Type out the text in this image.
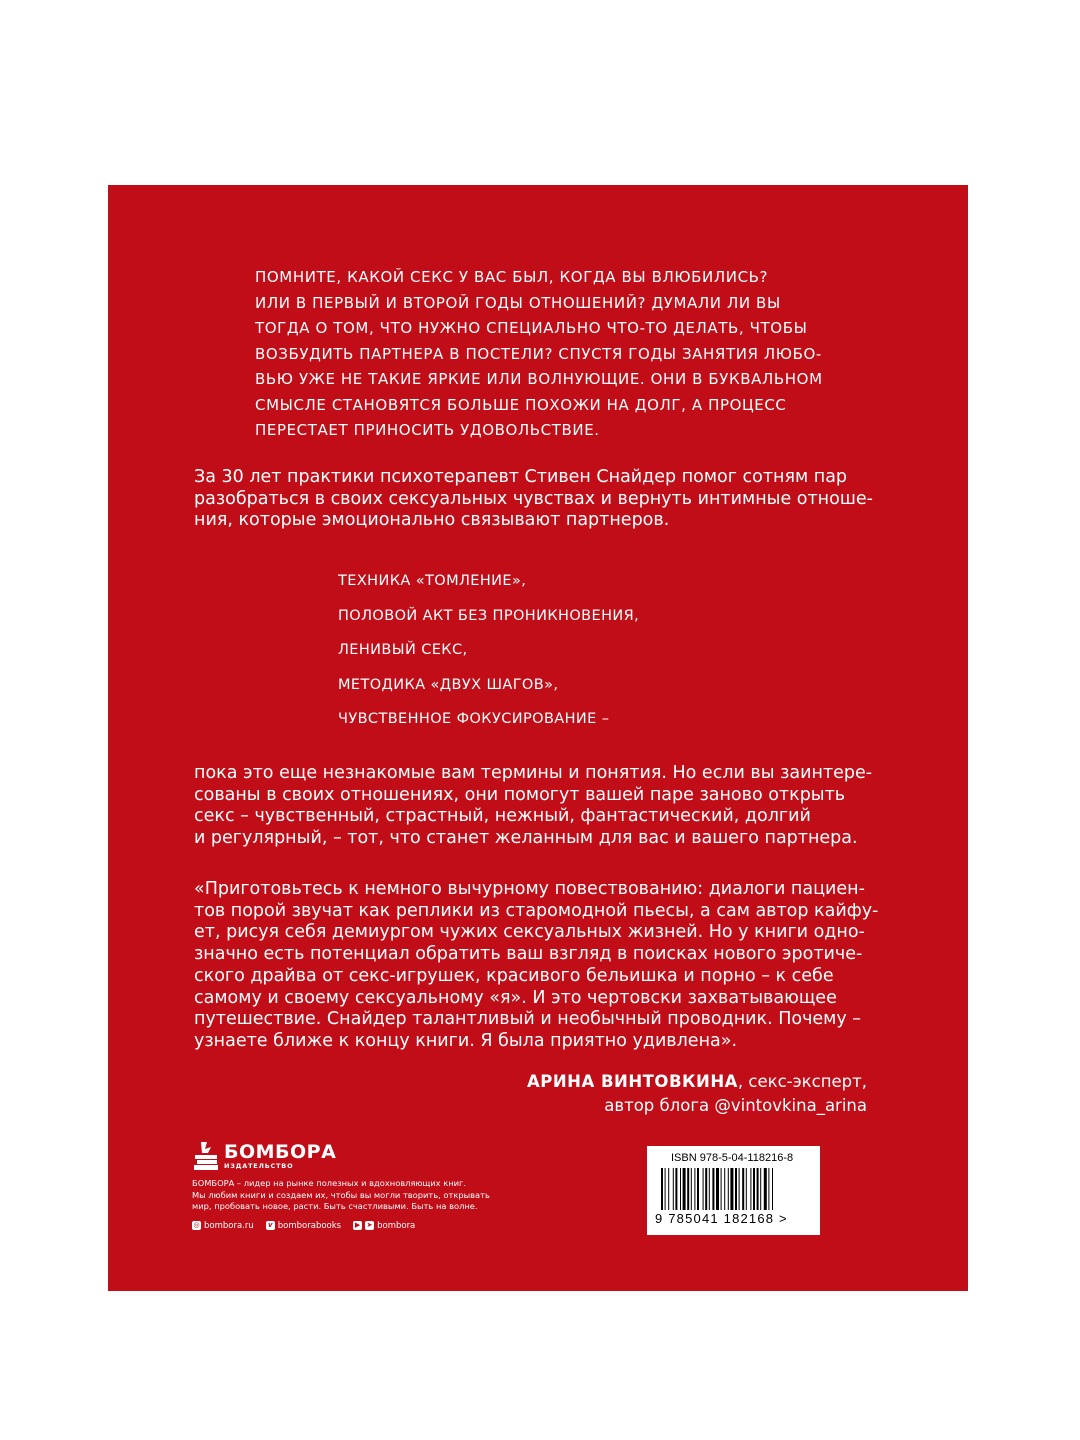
ПОМНИТЕ, КАКОЙ СЕКС У ВАС БЫЛ, КОГДА ВЫ ВЛЮБИЛИСЬ?
ИЛИ В ПЕРВЫЙ И ВТОРОЙ ГОДЫ ОТНОШЕНИЙ? ДУМАЛИ ЛИ ВЫ
ТОГДА О ТОМ, ЧТО НУЖНО СПЕЦИАЛЬНО ЧТО-ТО ДЕЛАТЬ, ЧТОБЫ
ВОЗБУДИТЬ ПАРТНЕРА В ПОСТЕЛИ? СПУСТЯ ГОДЫ ЗАНЯТИЯ ЛЮБО-
ВЬЮ УЖЕ НЕ ТАКИЕ ЯРКИЕ ИЛИ ВОЛНУЮЩИЕ. ОНИ В БУКВАЛЬНОМ
СМЫСЛЕ СТАНОВЯТСЯ БОЛЬШЕ ПОХОЖИ НА ДОЛГ, А ПРОЦЕСС
ПЕРЕСТАЕТ ПРИНОСИТЬ УДОВОЛЬСТВИЕ.
За 30 лет практики психотерапевт Стивен Снайдер помог сотням пар
разобраться в своих сексуальных чувствах и вернуть интимные отноше-
ния, которые эмоционально связывают партнеров.
ТЕХНИКА «ТОМЛЕНИЕ»,
ПОЛОВОЙ АКТ БЕЗ ПРОНИКНОВЕНИЯ,
ЛЕНИВЫЙ СЕКС,
МЕТОДИКА «ДВУХ ШАГОВ»,
ЧУВСТВЕННОЕ ФОКУСИРОВАНИЕ –
пока это еще незнакомые вам термины и понятия. Но если вы заинтере-
сованы в своих отношениях, они помогут вашей паре заново открыть
секс – чувственный, страстный, нежный, фантастический, долгий
и регулярный, – тот, что станет желанным для вас и вашего партнера.
«Приготовьтесь к немного вычурному повествованию: диалоги пациен-
тов порой звучат как реплики из старомодной пьесы, а сам автор кайфу-
ет, рисуя себя демиургом чужих сексуальных жизней. Но у книги одно-
значно есть потенциал обратить ваш взгляд в поисках нового эротиче-
ского драйва от секс-игрушек, красивого бельишка и порно – к себе
самому и своему сексуальному «я». И это чертовски захватывающее
путешествие. Снайдер талантливый и необычный проводник. Почему –
узнаете ближе к концу книги. Я была приятно удивлена».
АРИНА ВИНТОВКИНА, секс-эксперт,
автор блога @vintovkina_arina
БОМБОРА
ИЗДАТЕЛЬСТВО
БОМБОРА – лидер на рынке полезных и вдохновляющих книг.
Мы любим книги и создаем их, чтобы вы могли творить, открывать
мир, пробовать новое, расти. Быть счастливыми. Быть на волне.
◎ bombora.ru	v bomborabooks ▶ ➤ bombora
ISBN 978-5-04-118216-8
9 785041 182168 >
